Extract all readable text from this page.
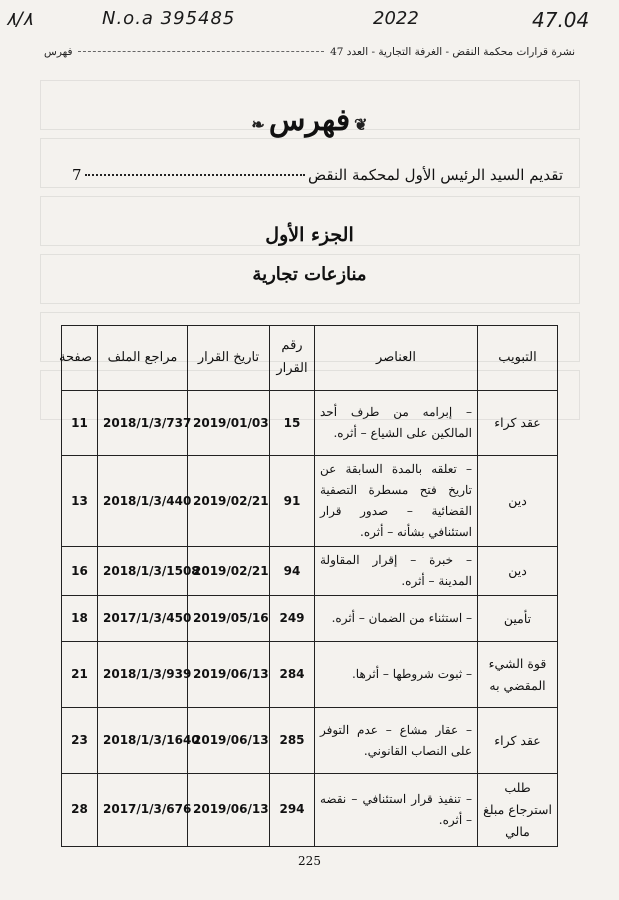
٨/٨	N.o.a 395485	2022	47.04
نشرة قرارات محكمة النقض - الغرفة التجارية - العدد 47
فهرس
❦فهرس❧
تقديم السيد الرئيس الأول لمحكمة النقض
7
الجزء الأول
منازعات تجارية
التبويب	العناصر	رقم القرار	تاريخ القرار	مراجع الملف	صفحة
عقد كراء	– إبرامه من طرف أحد المالكين على الشياع – أثره.	15	2019/01/03	2018/1/3/737	11
دين	– تعلقه بالمدة السابقة عن تاريخ فتح مسطرة التصفية القضائية – صدور قرار استئنافي بشأنه – أثره.	91	2019/02/21	2018/1/3/440	13
دين	– خبرة – إقرار المقاولة المدينة – أثره.	94	2019/02/21	2018/1/3/1508	16
تأمين	– استثناء من الضمان – أثره.	249	2019/05/16	2017/1/3/450	18
قوة الشيء المقضي به	– ثبوت شروطها – أثرها.	284	2019/06/13	2018/1/3/939	21
عقد كراء	– عقار مشاع – عدم التوفر على النصاب القانوني.	285	2019/06/13	2018/1/3/1640	23
طلب استرجاع مبلغ مالي	– تنفيذ قرار استئنافي – نقضه – أثره.	294	2019/06/13	2017/1/3/676	28
225
